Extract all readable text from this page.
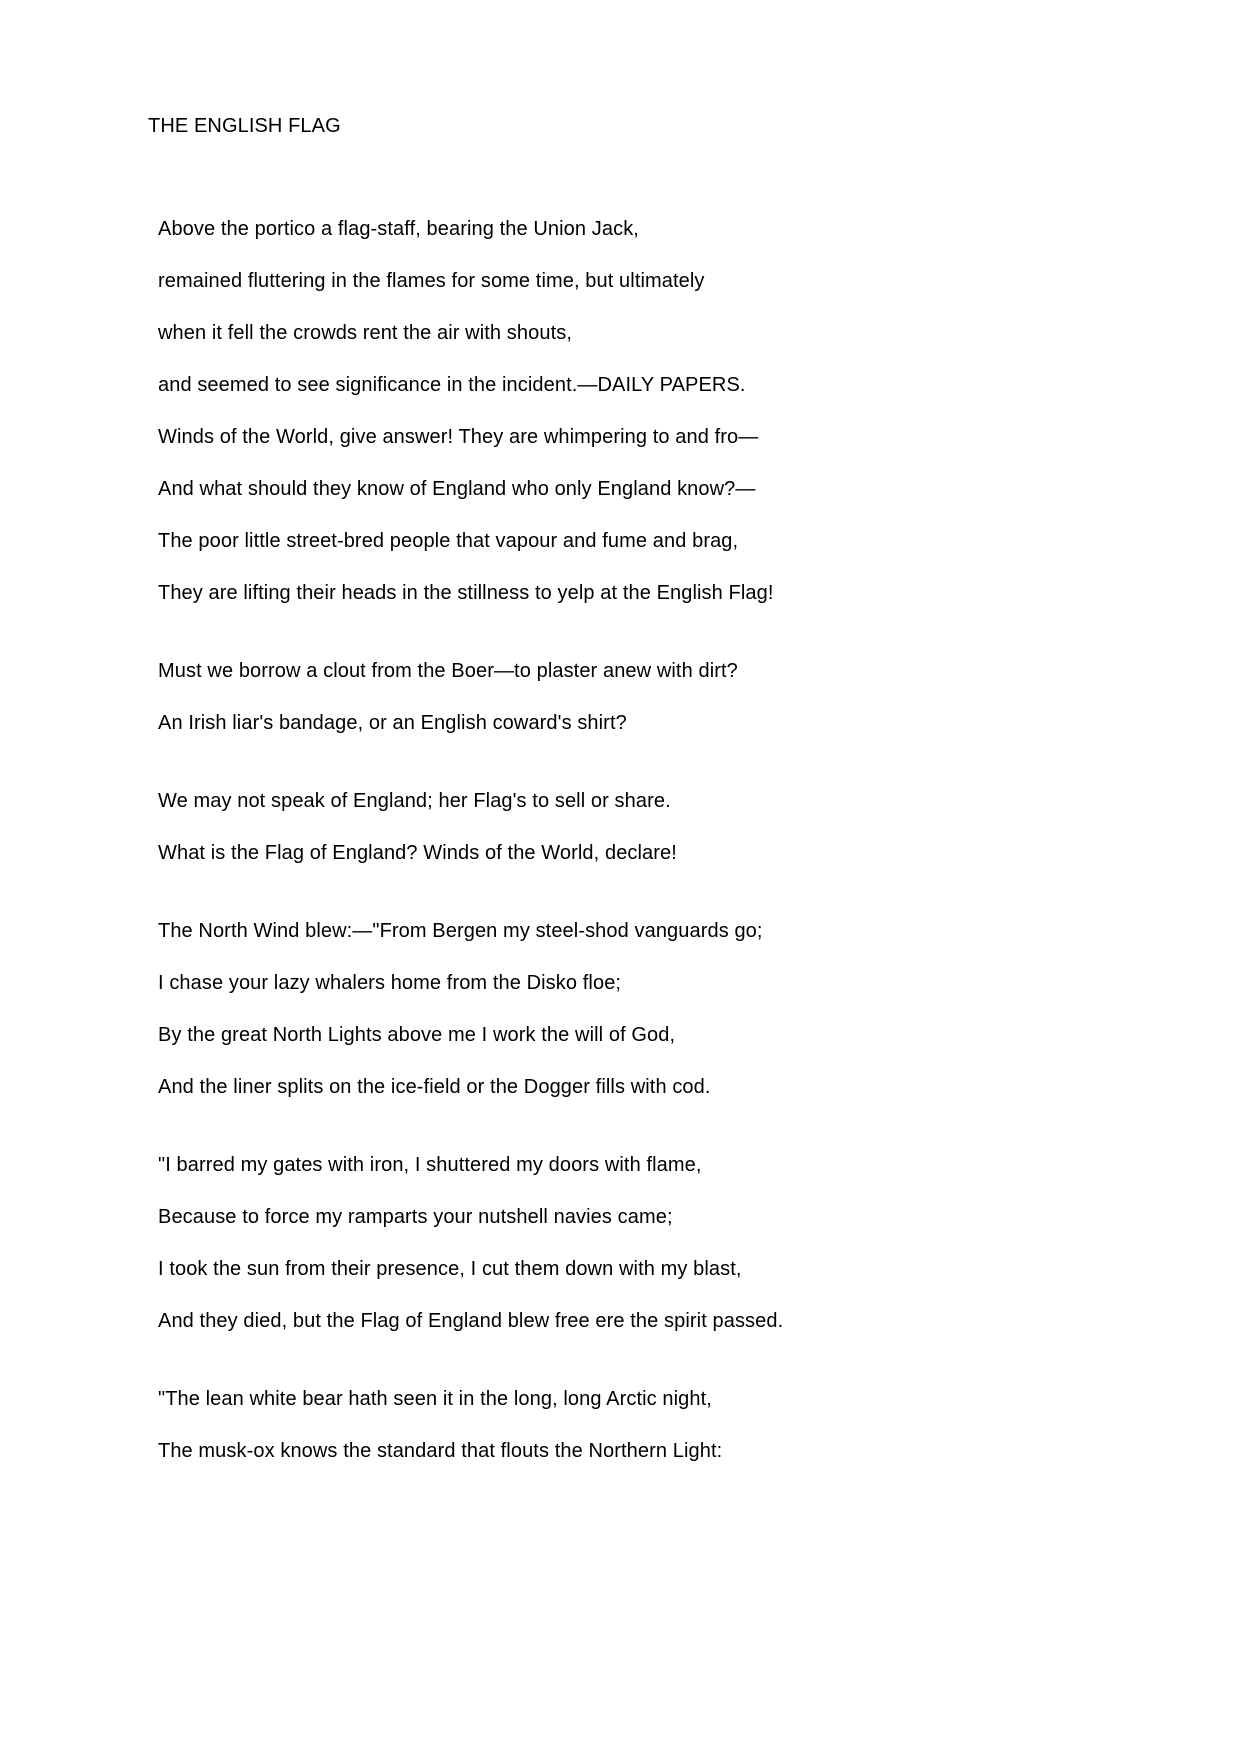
THE ENGLISH FLAG
Above the portico a flag-staff, bearing the Union Jack,
remained fluttering in the flames for some time, but ultimately
when it fell the crowds rent the air with shouts,
and seemed to see significance in the incident.—DAILY PAPERS.
Winds of the World, give answer! They are whimpering to and fro—
And what should they know of England who only England know?—
The poor little street-bred people that vapour and fume and brag,
They are lifting their heads in the stillness to yelp at the English Flag!
Must we borrow a clout from the Boer—to plaster anew with dirt?
An Irish liar's bandage, or an English coward's shirt?
We may not speak of England; her Flag's to sell or share.
What is the Flag of England? Winds of the World, declare!
The North Wind blew:—"From Bergen my steel-shod vanguards go;
I chase your lazy whalers home from the Disko floe;
By the great North Lights above me I work the will of God,
And the liner splits on the ice-field or the Dogger fills with cod.
"I barred my gates with iron, I shuttered my doors with flame,
Because to force my ramparts your nutshell navies came;
I took the sun from their presence, I cut them down with my blast,
And they died, but the Flag of England blew free ere the spirit passed.
"The lean white bear hath seen it in the long, long Arctic night,
The musk-ox knows the standard that flouts the Northern Light:
